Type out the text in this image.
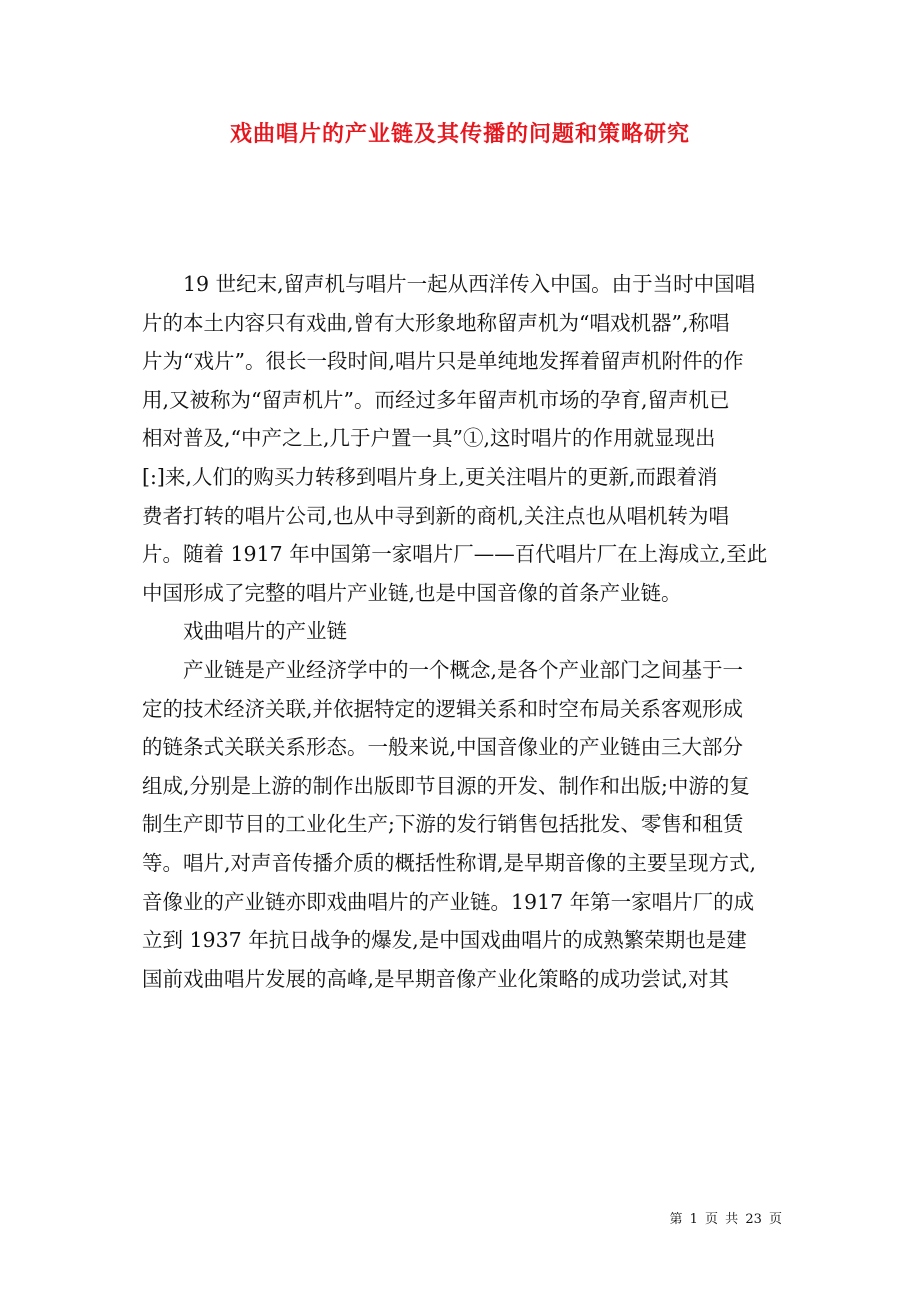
戏曲唱片的产业链及其传播的问题和策略研究
19 世纪末,留声机与唱片一起从西洋传入中国。由于当时中国唱
片的本土内容只有戏曲,曾有大形象地称留声机为“唱戏机器”,称唱
片为“戏片”。很长一段时间,唱片只是单纯地发挥着留声机附件的作
用,又被称为“留声机片”。而经过多年留声机市场的孕育,留声机已
相对普及,“中产之上,几于户置一具”①,这时唱片的作用就显现出
[:]来,人们的购买力转移到唱片身上,更关注唱片的更新,而跟着消
费者打转的唱片公司,也从中寻到新的商机,关注点也从唱机转为唱
片。随着 1917 年中国第一家唱片厂——百代唱片厂在上海成立,至此
中国形成了完整的唱片产业链,也是中国音像的首条产业链。
戏曲唱片的产业链
产业链是产业经济学中的一个概念,是各个产业部门之间基于一
定的技术经济关联,并依据特定的逻辑关系和时空布局关系客观形成
的链条式关联关系形态。一般来说,中国音像业的产业链由三大部分
组成,分别是上游的制作出版即节目源的开发、制作和出版;中游的复
制生产即节目的工业化生产;下游的发行销售包括批发、零售和租赁
等。唱片,对声音传播介质的概括性称谓,是早期音像的主要呈现方式,
音像业的产业链亦即戏曲唱片的产业链。1917 年第一家唱片厂的成
立到 1937 年抗日战争的爆发,是中国戏曲唱片的成熟繁荣期也是建
国前戏曲唱片发展的高峰,是早期音像产业化策略的成功尝试,对其
第 1 页 共 23 页
